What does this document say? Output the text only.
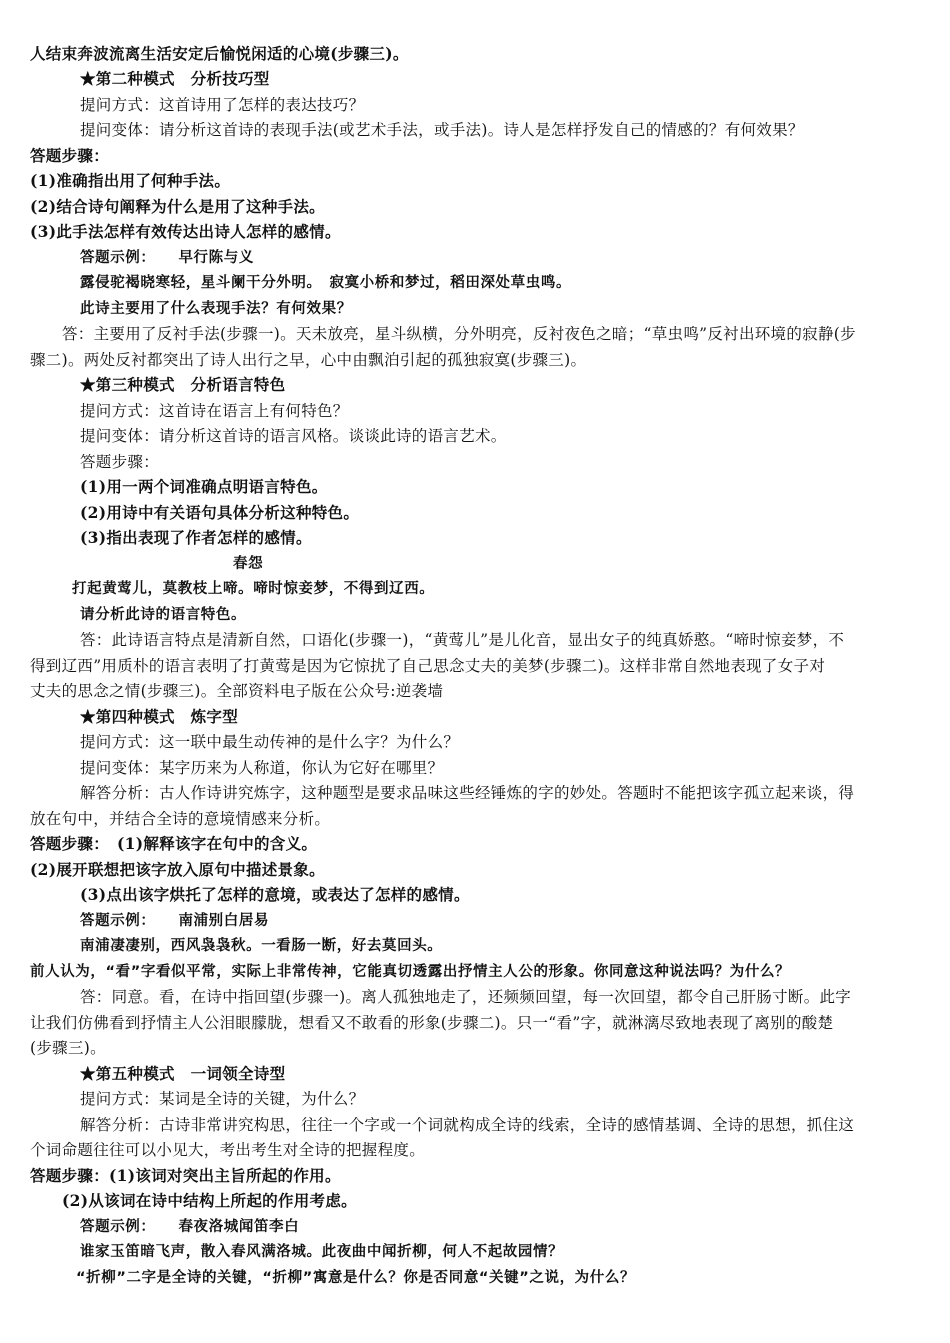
人结束奔波流离生活安定后愉悦闲适的心境(步骤三)。
★第二种模式　分析技巧型
提问方式：这首诗用了怎样的表达技巧？
提问变体：请分析这首诗的表现手法(或艺术手法，或手法)。诗人是怎样抒发自己的情感的？有何效果？
答题步骤：
(1)准确指出用了何种手法。
(2)结合诗句阐释为什么是用了这种手法。
(3)此手法怎样有效传达出诗人怎样的感情。
答题示例：　　早行陈与义
露侵驼褐晓寒轻，星斗阑干分外明。　寂寞小桥和梦过，稻田深处草虫鸣。
此诗主要用了什么表现手法？有何效果？
答：主要用了反衬手法(步骤一)。天未放亮，星斗纵横，分外明亮，反衬夜色之暗；“草虫鸣”反衬出环境的寂静(步
骤二)。两处反衬都突出了诗人出行之早，心中由飘泊引起的孤独寂寞(步骤三)。
★第三种模式　分析语言特色
提问方式：这首诗在语言上有何特色？
提问变体：请分析这首诗的语言风格。谈谈此诗的语言艺术。
答题步骤：
(1)用一两个词准确点明语言特色。
(2)用诗中有关语句具体分析这种特色。
(3)指出表现了作者怎样的感情。
春怨
打起黄莺儿，莫教枝上啼。啼时惊妾梦，不得到辽西。
请分析此诗的语言特色。
答：此诗语言特点是清新自然，口语化(步骤一)，“黄莺儿”是儿化音，显出女子的纯真娇憨。“啼时惊妾梦，不
得到辽西”用质朴的语言表明了打黄莺是因为它惊扰了自己思念丈夫的美梦(步骤二)。这样非常自然地表现了女子对
丈夫的思念之情(步骤三)。全部资料电子版在公众号:逆袭墙
★第四种模式　炼字型
提问方式：这一联中最生动传神的是什么字？为什么？
提问变体：某字历来为人称道，你认为它好在哪里？
解答分析：古人作诗讲究炼字，这种题型是要求品味这些经锤炼的字的妙处。答题时不能把该字孤立起来谈，得
放在句中，并结合全诗的意境情感来分析。
答题步骤：　(1)解释该字在句中的含义。
(2)展开联想把该字放入原句中描述景象。
(3)点出该字烘托了怎样的意境，或表达了怎样的感情。
答题示例：　　南浦别白居易
南浦凄凄别，西风袅袅秋。一看肠一断，好去莫回头。
前人认为，“看”字看似平常，实际上非常传神，它能真切透露出抒情主人公的形象。你同意这种说法吗？为什么？
答：同意。看，在诗中指回望(步骤一)。离人孤独地走了，还频频回望，每一次回望，都令自己肝肠寸断。此字
让我们仿佛看到抒情主人公泪眼朦胧，想看又不敢看的形象(步骤二)。只一“看”字，就淋漓尽致地表现了离别的酸楚
(步骤三)。
★第五种模式　一词领全诗型
提问方式：某词是全诗的关键，为什么？
解答分析：古诗非常讲究构思，往往一个字或一个词就构成全诗的线索，全诗的感情基调、全诗的思想，抓住这
个词命题往往可以小见大，考出考生对全诗的把握程度。
答题步骤：(1)该词对突出主旨所起的作用。
(2)从该词在诗中结构上所起的作用考虑。
答题示例：　　春夜洛城闻笛李白
谁家玉笛暗飞声，散入春风满洛城。此夜曲中闻折柳，何人不起故园情？
“折柳”二字是全诗的关键，“折柳”寓意是什么？你是否同意“关键”之说，为什么？
